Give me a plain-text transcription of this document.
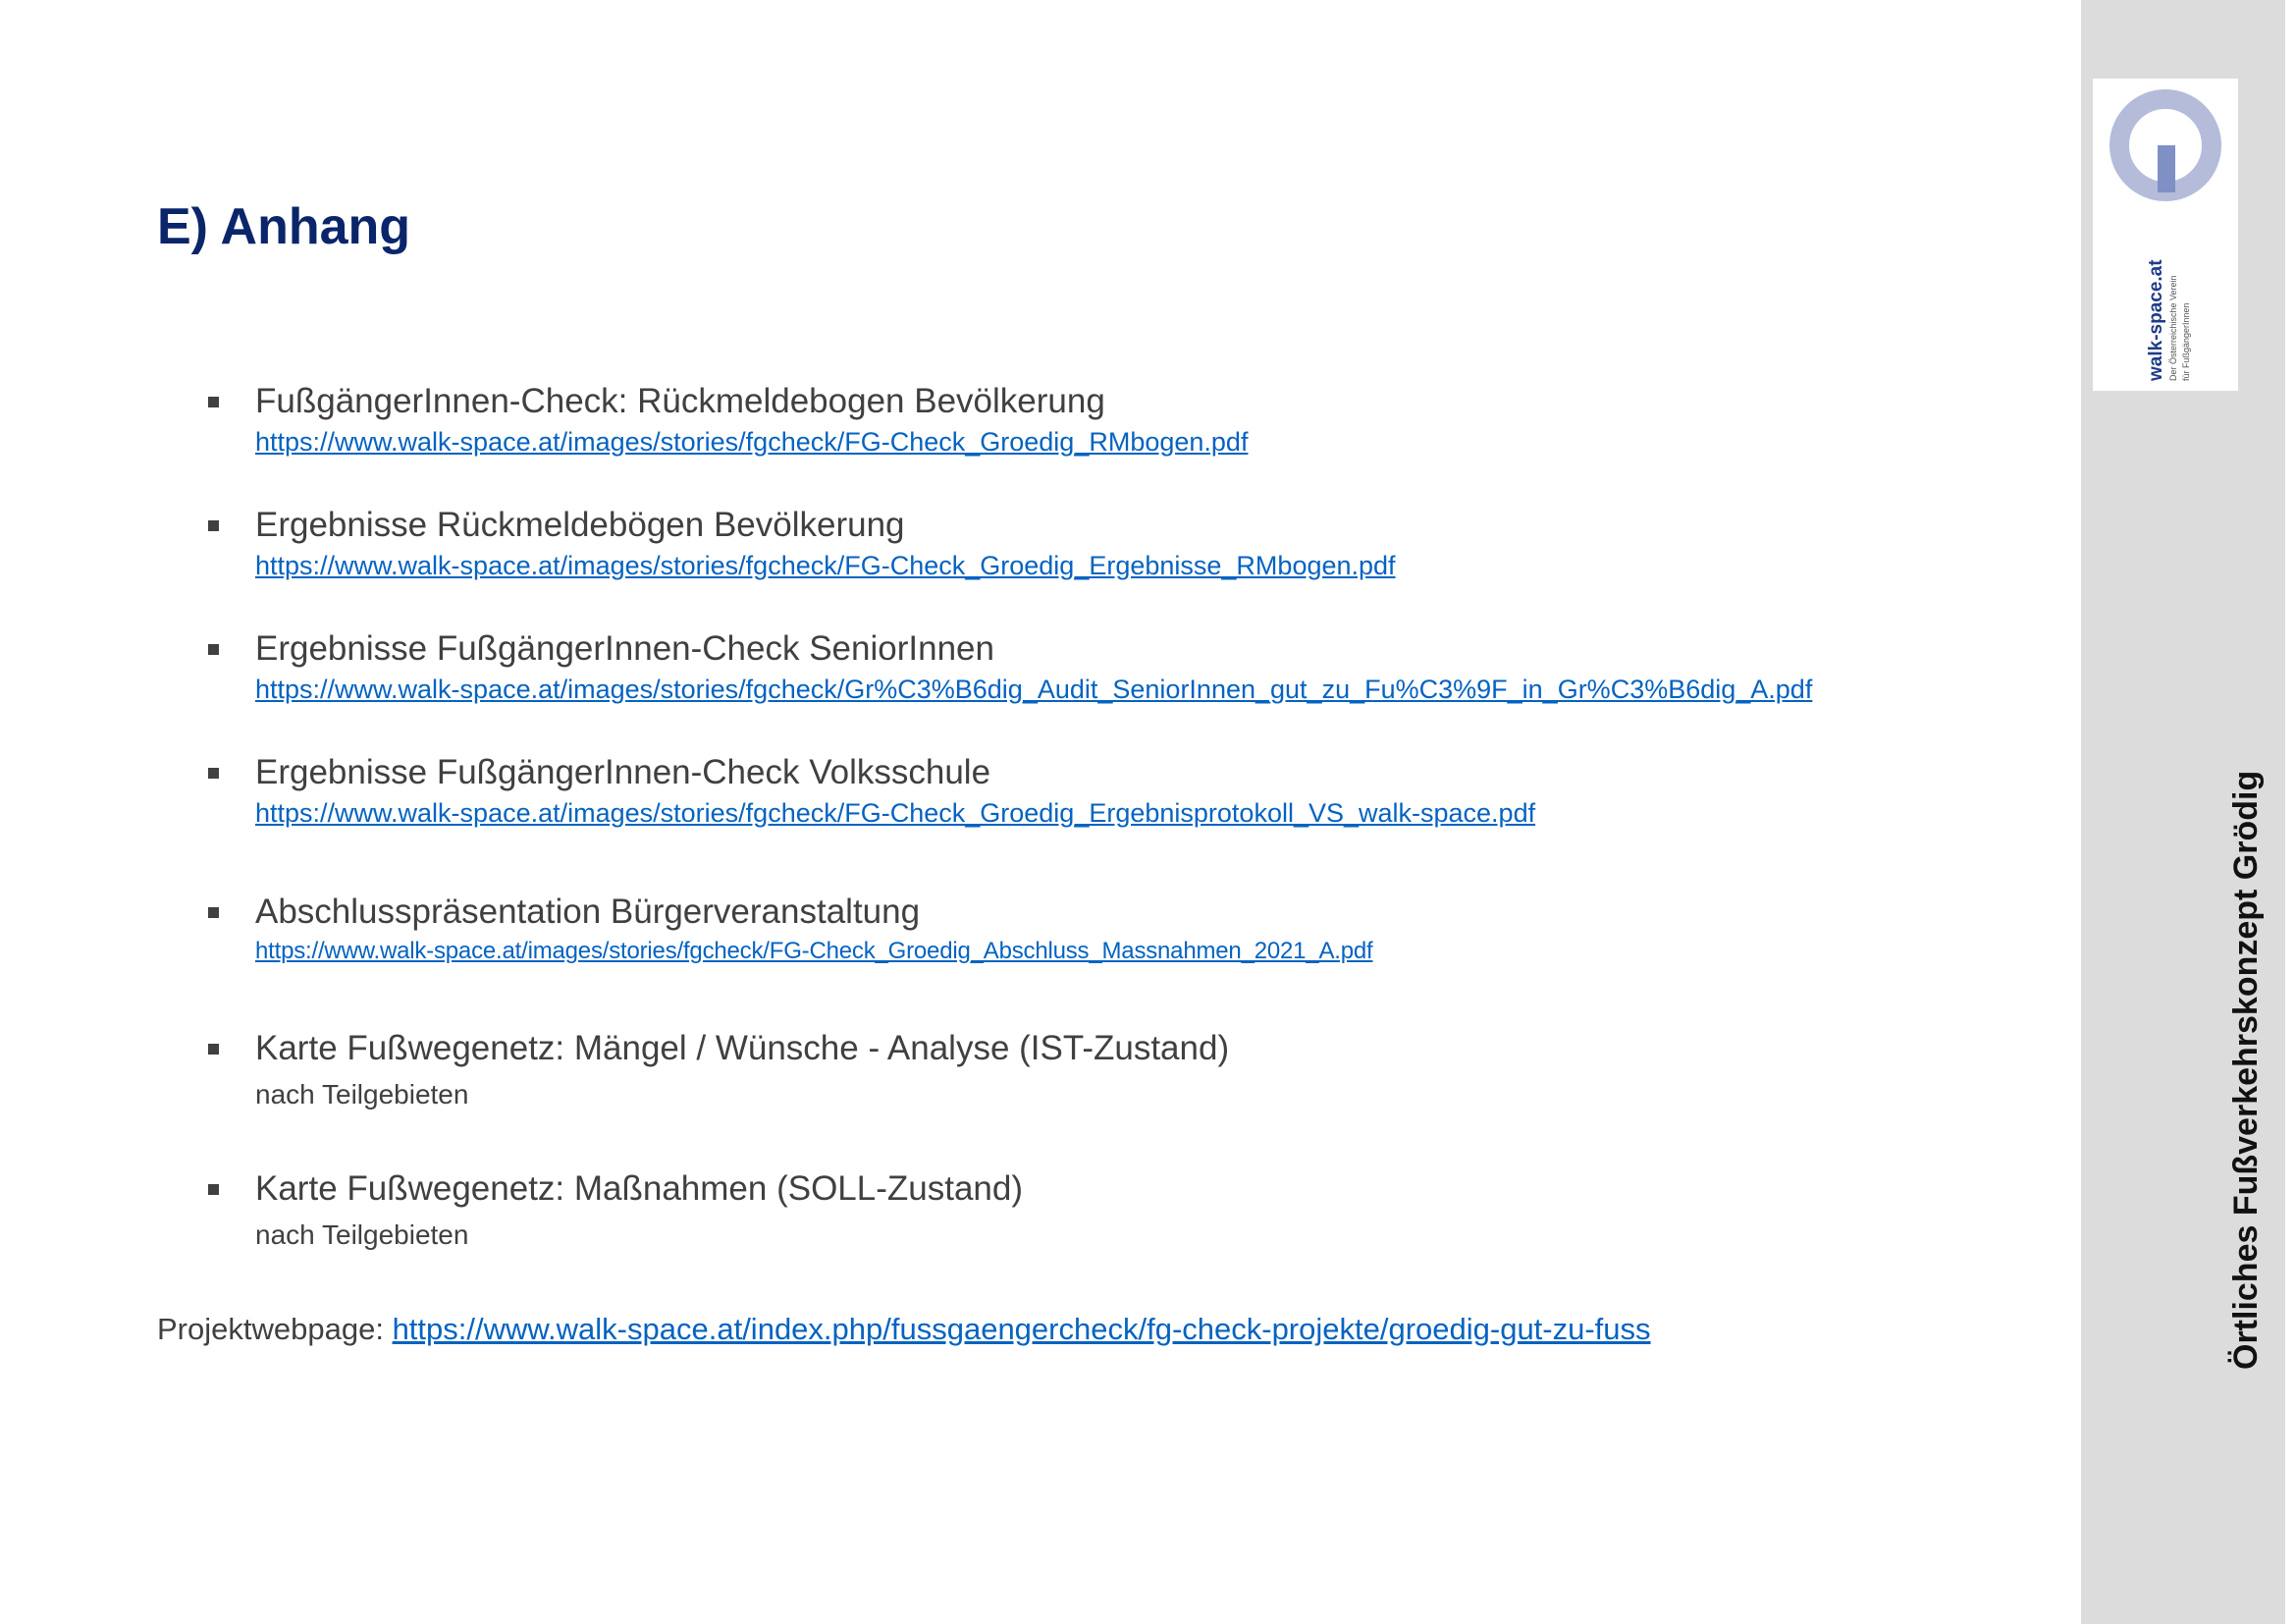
E) Anhang
FußgängerInnen-Check: Rückmeldebogen Bevölkerung
https://www.walk-space.at/images/stories/fgcheck/FG-Check_Groedig_RMbogen.pdf
Ergebnisse Rückmeldebögen Bevölkerung
https://www.walk-space.at/images/stories/fgcheck/FG-Check_Groedig_Ergebnisse_RMbogen.pdf
Ergebnisse FußgängerInnen-Check SeniorInnen
https://www.walk-space.at/images/stories/fgcheck/Gr%C3%B6dig_Audit_SeniorInnen_gut_zu_Fu%C3%9F_in_Gr%C3%B6dig_A.pdf
Ergebnisse FußgängerInnen-Check Volksschule
https://www.walk-space.at/images/stories/fgcheck/FG-Check_Groedig_Ergebnisprotokoll_VS_walk-space.pdf
Abschlusspräsentation Bürgerveranstaltung
https://www.walk-space.at/images/stories/fgcheck/FG-Check_Groedig_Abschluss_Massnahmen_2021_A.pdf
Karte Fußwegenetz: Mängel / Wünsche - Analyse (IST-Zustand)
nach Teilgebieten
Karte Fußwegenetz: Maßnahmen (SOLL-Zustand)
nach Teilgebieten
Projektwebpage: https://www.walk-space.at/index.php/fussgaengercheck/fg-check-projekte/groedig-gut-zu-fuss
walk-space.at Der Österreichische Verein für FußgängerInnen
Örtliches Fußverkehrskonzept Grödig
